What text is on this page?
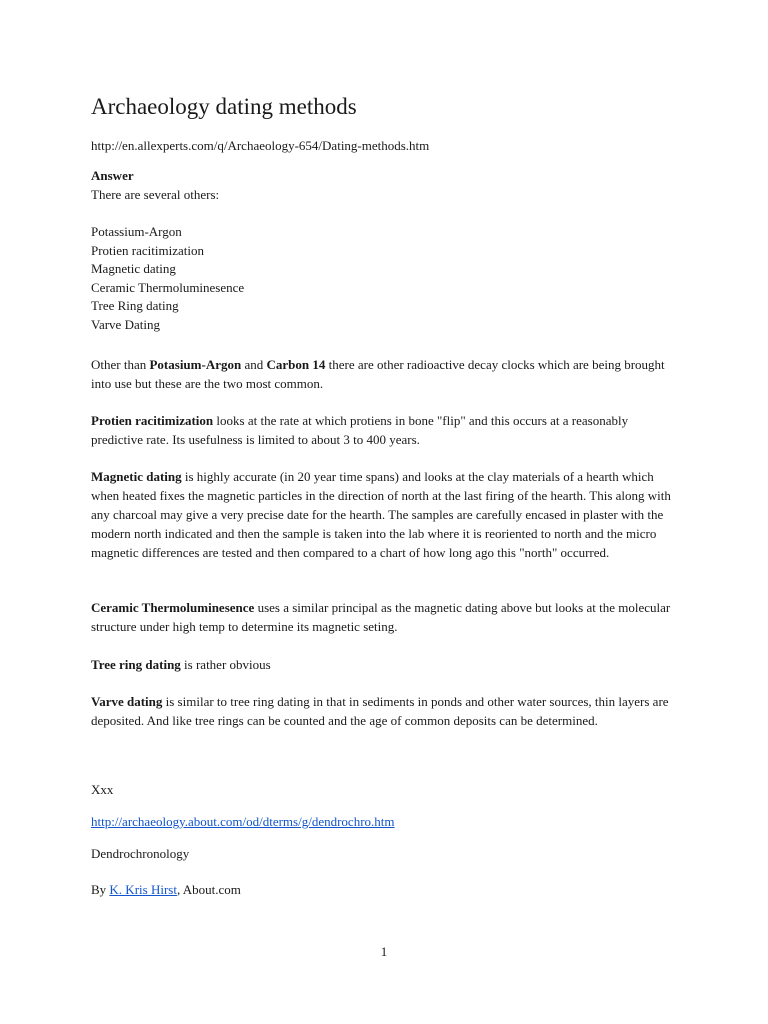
Archaeology dating methods

http://en.allexperts.com/q/Archaeology-654/Dating-methods.htm

Answer

There are several others:

Potassium-Argon
Protien racitimization
Magnetic dating
Ceramic Thermoluminesence
Tree Ring dating
Varve Dating

Other than Potasium-Argon and Carbon 14 there are other radioactive decay clocks which are being brought into use but these are the two most common.

Protien racitimization looks at the rate at which protiens in bone "flip" and this occurs at a reasonably predictive rate. Its usefulness is limited to about 3 to 400 years.

Magnetic dating is highly accurate (in 20 year time spans) and looks at the clay materials of a hearth which when heated fixes the magnetic particles in the direction of north at the last firing of the hearth. This along with any charcoal may give a very precise date for the hearth. The samples are carefully encased in plaster with the modern north indicated and then the sample is taken into the lab where it is reoriented to north and the micro magnetic differences are tested and then compared to a chart of how long ago this "north" occurred.

Ceramic Thermoluminesence uses a similar principal as the magnetic dating above but looks at the molecular structure under high temp to determine its magnetic seting.

Tree ring dating is rather obvious

Varve dating is similar to tree ring dating in that in sediments in ponds and other water sources, thin layers are deposited. And like tree rings can be counted and the age of common deposits can be determined.

Xxx

http://archaeology.about.com/od/dterms/g/dendrochro.htm

Dendrochronology

By K. Kris Hirst, About.com

1
